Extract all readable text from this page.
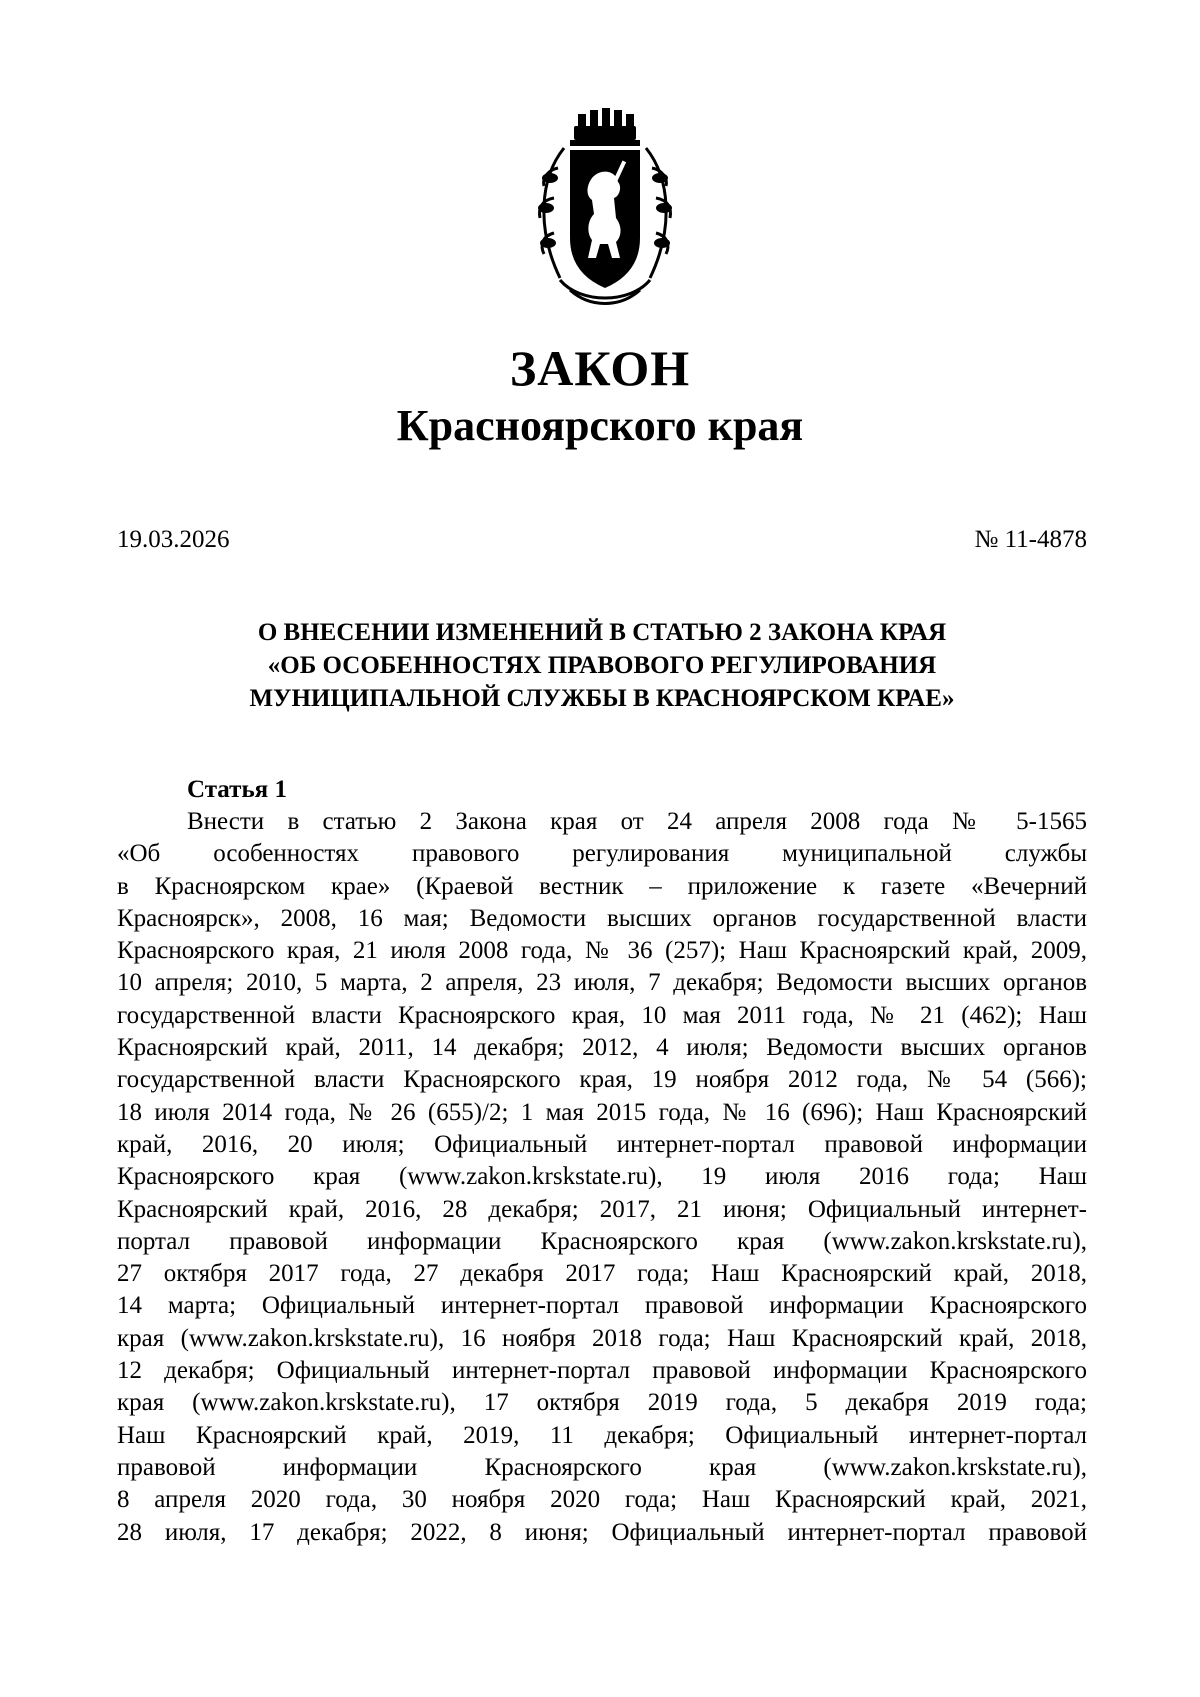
ЗАКОН
Красноярского края
19.03.2026	№ 11-4878
О ВНЕСЕНИИ ИЗМЕНЕНИЙ В СТАТЬЮ 2 ЗАКОНА КРАЯ
«ОБ ОСОБЕННОСТЯХ ПРАВОВОГО РЕГУЛИРОВАНИЯ
МУНИЦИПАЛЬНОЙ СЛУЖБЫ В КРАСНОЯРСКОМ КРАЕ»
Статья 1
Внести в статью 2 Закона края от 24 апреля 2008 года № 5-1565
«Об особенностях правового регулирования муниципальной службы
в Красноярском крае» (Краевой вестник – приложение к газете «Вечерний
Красноярск», 2008, 16 мая; Ведомости высших органов государственной власти
Красноярского края, 21 июля 2008 года, № 36 (257); Наш Красноярский край, 2009,
10 апреля; 2010, 5 марта, 2 апреля, 23 июля, 7 декабря; Ведомости высших органов
государственной власти Красноярского края, 10 мая 2011 года, № 21 (462); Наш
Красноярский край, 2011, 14 декабря; 2012, 4 июля; Ведомости высших органов
государственной власти Красноярского края, 19 ноября 2012 года, № 54 (566);
18 июля 2014 года, № 26 (655)/2; 1 мая 2015 года, № 16 (696); Наш Красноярский
край, 2016, 20 июля; Официальный интернет-портал правовой информации
Красноярского края (www.zakon.krskstate.ru), 19 июля 2016 года; Наш
Красноярский край, 2016, 28 декабря; 2017, 21 июня; Официальный интернет-
портал правовой информации Красноярского края (www.zakon.krskstate.ru),
27 октября 2017 года, 27 декабря 2017 года; Наш Красноярский край, 2018,
14 марта; Официальный интернет-портал правовой информации Красноярского
края (www.zakon.krskstate.ru), 16 ноября 2018 года; Наш Красноярский край, 2018,
12 декабря; Официальный интернет-портал правовой информации Красноярского
края (www.zakon.krskstate.ru), 17 октября 2019 года, 5 декабря 2019 года;
Наш Красноярский край, 2019, 11 декабря; Официальный интернет-портал
правовой информации Красноярского края (www.zakon.krskstate.ru),
8 апреля 2020 года, 30 ноября 2020 года; Наш Красноярский край, 2021,
28 июля, 17 декабря; 2022, 8 июня; Официальный интернет-портал правовой
